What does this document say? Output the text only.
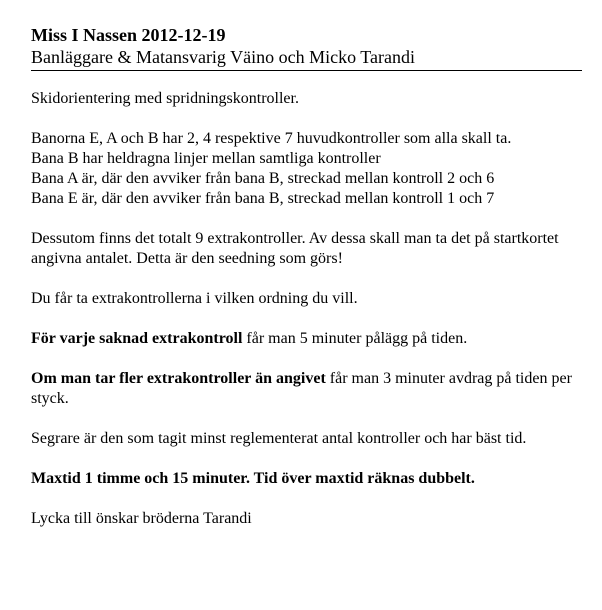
Miss I Nassen 2012-12-19
Banläggare & Matansvarig Väino och Micko Tarandi

Skidorientering med spridningskontroller.

Banorna E, A och B har 2, 4 respektive 7 huvudkontroller som alla skall ta.
Bana B har heldragna linjer mellan samtliga kontroller
Bana A är, där den avviker från bana B, streckad mellan kontroll 2 och 6
Bana E är, där den avviker från bana B, streckad mellan kontroll 1 och 7

Dessutom finns det totalt 9 extrakontroller. Av dessa skall man ta det på startkortet angivna antalet. Detta är den seedning som görs!

Du får ta extrakontrollerna i vilken ordning du vill.

För varje saknad extrakontroll får man 5 minuter pålägg på tiden.

Om man tar fler extrakontroller än angivet får man 3 minuter avdrag på tiden per styck.

Segrare är den som tagit minst reglementerat antal kontroller och har bäst tid.

Maxtid 1 timme och 15 minuter. Tid över maxtid räknas dubbelt.

Lycka till önskar bröderna Tarandi
